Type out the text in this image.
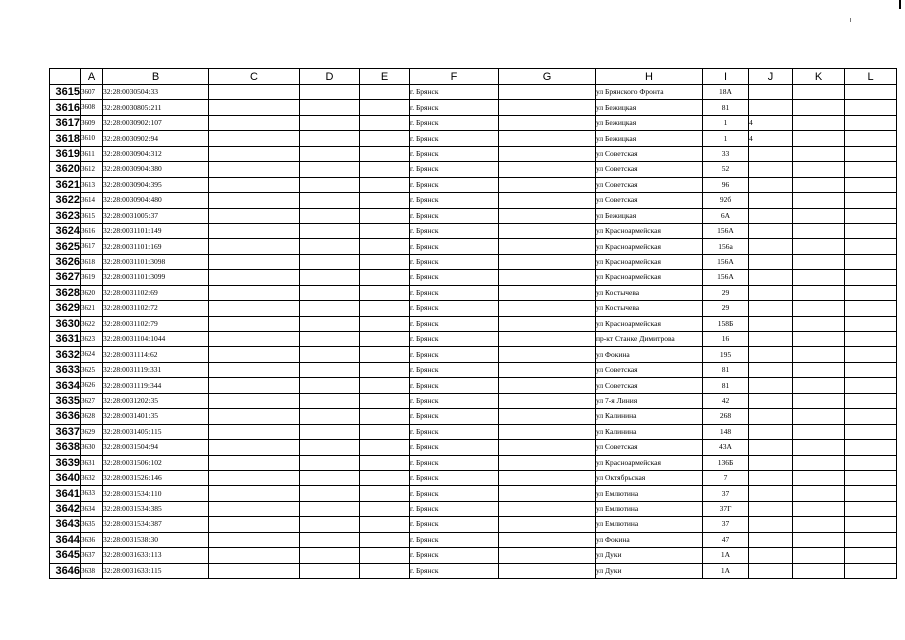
	A	B	C	D	E	F	G	H	I	J	K	L
3615	3607	32:28:0030504:33				г. Брянск		ул Брянского Фронта	18А			
3616	3608	32:28:0030805:211				г. Брянск		ул Бежицкая	81			
3617	3609	32:28:0030902:107				г. Брянск		ул Бежицкая	1	4		
3618	3610	32:28:0030902:94				г. Брянск		ул Бежицкая	1	4		
3619	3611	32:28:0030904:312				г. Брянск		ул Советская	33			
3620	3612	32:28:0030904:380				г. Брянск		ул Советская	52			
3621	3613	32:28:0030904:395				г. Брянск		ул Советская	96			
3622	3614	32:28:0030904:480				г. Брянск		ул Советская	92б			
3623	3615	32:28:0031005:37				г. Брянск		ул Бежицкая	6А			
3624	3616	32:28:0031101:149				г. Брянск		ул Красноармейская	156А			
3625	3617	32:28:0031101:169				г. Брянск		ул Красноармейская	156а			
3626	3618	32:28:0031101:3098				г. Брянск		ул Красноармейская	156А			
3627	3619	32:28:0031101:3099				г. Брянск		ул Красноармейская	156А			
3628	3620	32:28:0031102:69				г. Брянск		ул Костычева	29			
3629	3621	32:28:0031102:72				г. Брянск		ул Костычева	29			
3630	3622	32:28:0031102:79				г. Брянск		ул Красноармейская	158Б			
3631	3623	32:28:0031104:1044				г. Брянск		пр-кт Станке Димитрова	16			
3632	3624	32:28:0031114:62				г. Брянск		ул Фокина	195			
3633	3625	32:28:0031119:331				г. Брянск		ул Советская	81			
3634	3626	32:28:0031119:344				г. Брянск		ул Советская	81			
3635	3627	32:28:0031202:35				г. Брянск		ул 7-я Линия	42			
3636	3628	32:28:0031401:35				г. Брянск		ул Калинина	268			
3637	3629	32:28:0031405:115				г. Брянск		ул Калинина	148			
3638	3630	32:28:0031504:94				г. Брянск		ул Советская	43А			
3639	3631	32:28:0031506:102				г. Брянск		ул Красноармейская	136Б			
3640	3632	32:28:0031526:146				г. Брянск		ул Октябрьская	7			
3641	3633	32:28:0031534:110				г. Брянск		ул Емлютина	37			
3642	3634	32:28:0031534:385				г. Брянск		ул Емлютина	37Г			
3643	3635	32:28:0031534:387				г. Брянск		ул Емлютина	37			
3644	3636	32:28:0031538:30				г. Брянск		ул Фокина	47			
3645	3637	32:28:0031633:113				г. Брянск		ул Дуки	1А			
3646	3638	32:28:0031633:115				г. Брянск		ул Дуки	1А			
